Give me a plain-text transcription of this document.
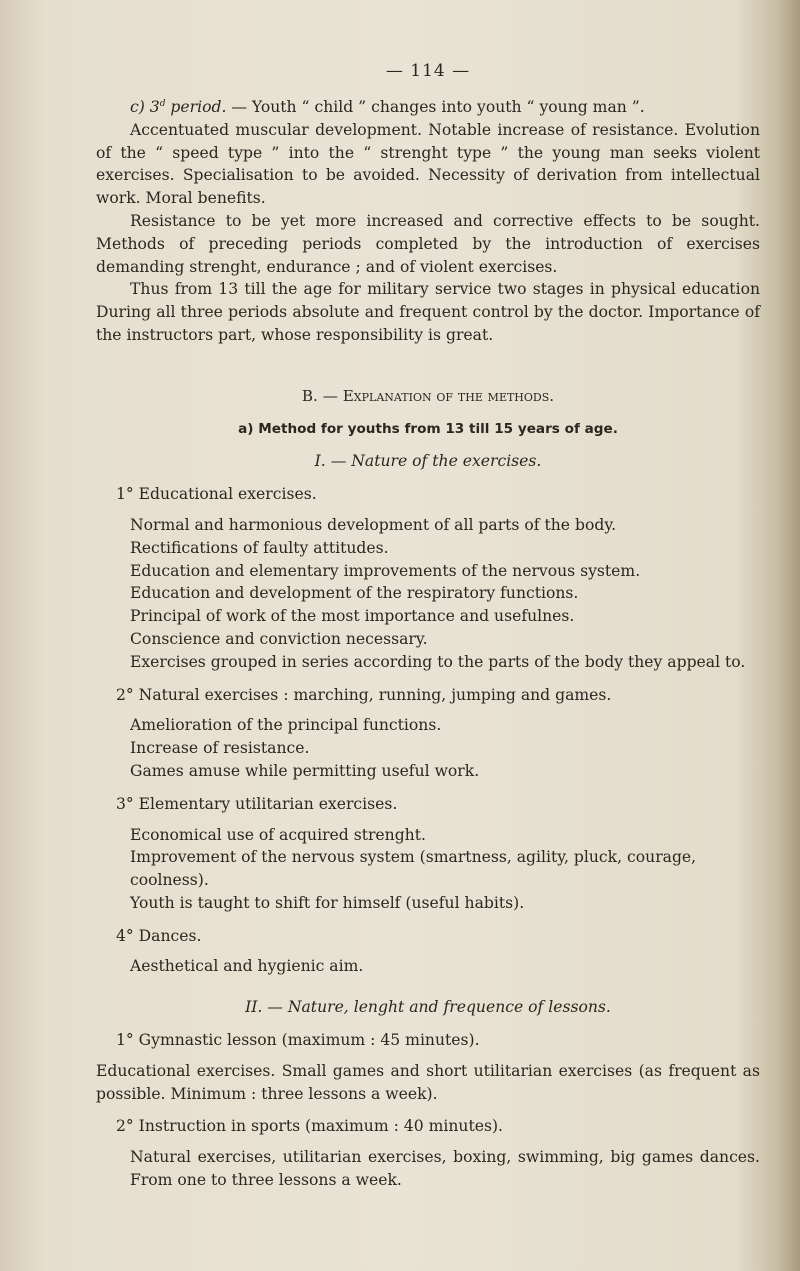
— 114 —

c) 3$^d$ period. — Youth “ child ” changes into youth “ young man ”.

Accentuated muscular development. Notable increase of resistance. Evolution of the “ speed type ” into the “ strenght type ” the young man seeks violent exercises. Specialisation to be avoided. Necessity of derivation from intellectual work. Moral benefits.

Resistance to be yet more increased and corrective effects to be sought. Methods of preceding periods completed by the introduction of exercises demanding strenght, endurance ; and of violent exercises.

Thus from 13 till the age for military service two stages in physical education During all three periods absolute and frequent control by the doctor. Importance of the instructors part, whose responsibility is great.

B. — Explanation of the methods.
a) Method for youths from 13 till 15 years of age.
I. — Nature of the exercises.
1° Educational exercises.
Normal and harmonious development of all parts of the body.
Rectifications of faulty attitudes.
Education and elementary improvements of the nervous system.
Education and development of the respiratory functions.
Principal of work of the most importance and usefulnes.
Conscience and conviction necessary.
Exercises grouped in series according to the parts of the body they appeal to.
2° Natural exercises : marching, running, jumping and games.
Amelioration of the principal functions.
Increase of resistance.
Games amuse while permitting useful work.
3° Elementary utilitarian exercises.
Economical use of acquired strenght.
Improvement of the nervous system (smartness, agility, pluck, courage, coolness).
Youth is taught to shift for himself (useful habits).
4° Dances.
Aesthetical and hygienic aim.
II. — Nature, lenght and frequence of lessons.
1° Gymnastic lesson (maximum : 45 minutes).

Educational exercises. Small games and short utilitarian exercises (as frequent as possible. Minimum : three lessons a week).

2° Instruction in sports (maximum : 40 minutes).

Natural exercises, utilitarian exercises, boxing, swimming, big games dances. From one to three lessons a week.
